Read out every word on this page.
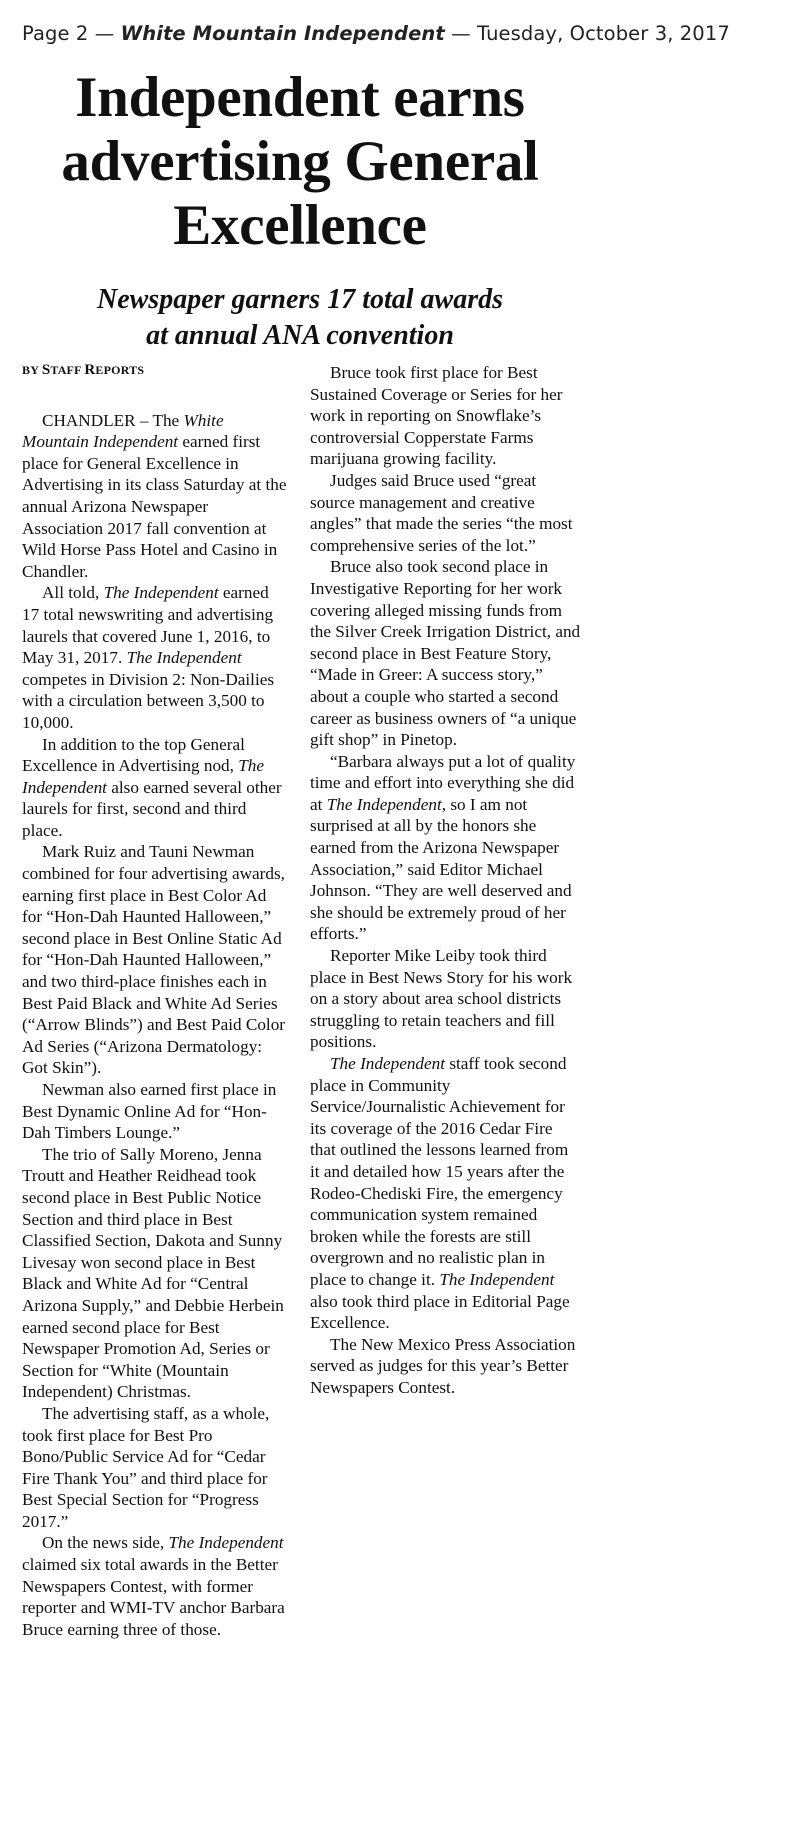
Page 2 — White Mountain Independent — Tuesday, October 3, 2017
Independent earns
advertising General
Excellence
Newspaper garners 17 total awards
at annual ANA convention
BY STAFF REPORTS

CHANDLER – The White Mountain Independent earned first place for General Excellence in Advertising in its class Saturday at the annual Arizona Newspaper Association 2017 fall convention at Wild Horse Pass Hotel and Casino in Chandler.

All told, The Independent earned 17 total newswriting and advertising laurels that covered June 1, 2016, to May 31, 2017. The Independent competes in Division 2: Non-Dailies with a circulation between 3,500 to 10,000.

In addition to the top General Excellence in Advertising nod, The Independent also earned several other laurels for first, second and third place.

Mark Ruiz and Tauni Newman combined for four advertising awards, earning first place in Best Color Ad for “Hon-Dah Haunted Halloween,” second place in Best Online Static Ad for “Hon-Dah Haunted Halloween,” and two third-place finishes each in Best Paid Black and White Ad Series (“Arrow Blinds”) and Best Paid Color Ad Series (“Arizona Dermatology: Got Skin”).

Newman also earned first place in Best Dynamic Online Ad for “Hon-Dah Timbers Lounge.”

The trio of Sally Moreno, Jenna Troutt and Heather Reidhead took second place in Best Public Notice Section and third place in Best Classified Section, Dakota and Sunny Livesay won second place in Best Black and White Ad for “Central Arizona Supply,” and Debbie Herbein earned second place for Best Newspaper Promotion Ad, Series or Section for “White (Mountain Independent) Christmas.

The advertising staff, as a whole, took first place for Best Pro Bono/Public Service Ad for “Cedar Fire Thank You” and third place for Best Special Section for “Progress 2017.”

On the news side, The Independent claimed six total awards in the Better Newspapers Contest, with former reporter and WMI-TV anchor Barbara Bruce earning three of those.

Bruce took first place for Best Sustained Coverage or Series for her work in reporting on Snowflake’s controversial Copperstate Farms marijuana growing facility.

Judges said Bruce used “great source management and creative angles” that made the series “the most comprehensive series of the lot.”

Bruce also took second place in Investigative Reporting for her work covering alleged missing funds from the Silver Creek Irrigation District, and second place in Best Feature Story, “Made in Greer: A success story,” about a couple who started a second career as business owners of “a unique gift shop” in Pinetop.

“Barbara always put a lot of quality time and effort into everything she did at The Independent, so I am not surprised at all by the honors she earned from the Arizona Newspaper Association,” said Editor Michael Johnson. “They are well deserved and she should be extremely proud of her efforts.”

Reporter Mike Leiby took third place in Best News Story for his work on a story about area school districts struggling to retain teachers and fill positions.

The Independent staff took second place in Community Service/Journalistic Achievement for its coverage of the 2016 Cedar Fire that outlined the lessons learned from it and detailed how 15 years after the Rodeo-Chediski Fire, the emergency communication system remained broken while the forests are still overgrown and no realistic plan in place to change it. The Independent also took third place in Editorial Page Excellence.

The New Mexico Press Association served as judges for this year’s Better Newspapers Contest.
